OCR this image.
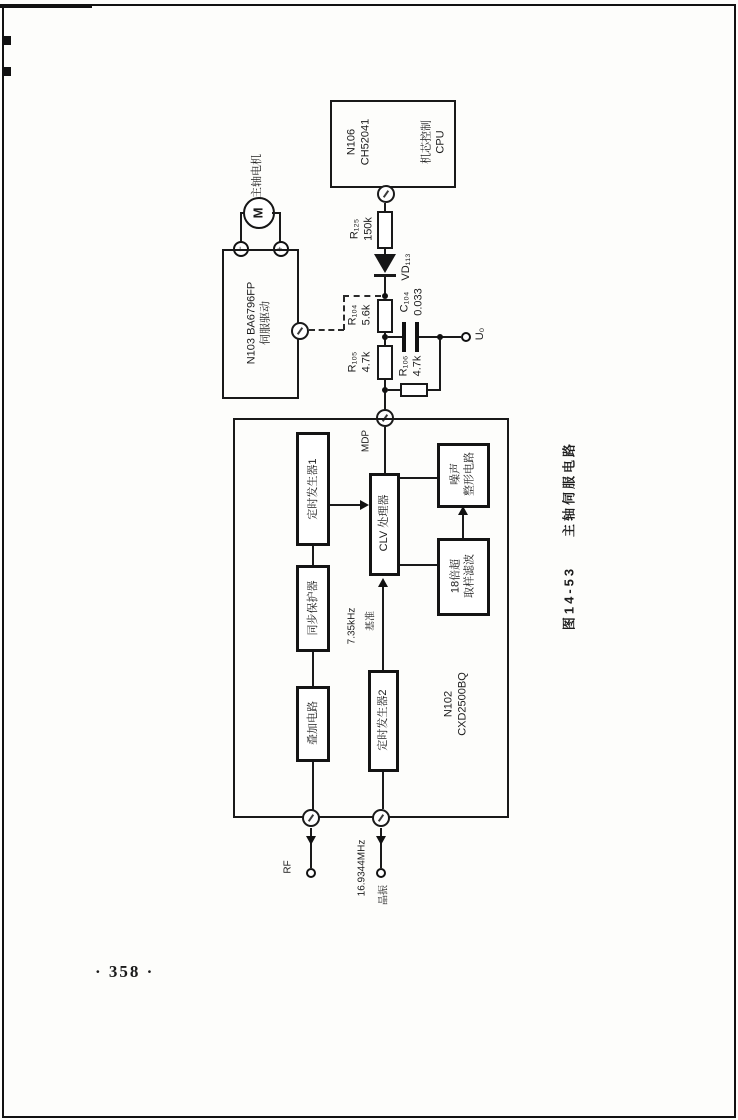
M
主轴电机
−	+
N103 BA6796FP 伺服驱动
N106 CH52041	机芯控制 CPU
R₁₂₅ 150k
VD₁₁₃
R₁₀₄ 5.6k
R₁₀₅ 4.7k
C₁₀₄ 0.033
U₀
R₁₀₆ 4.7k
MDP
N102 CXD2500BQ
定时发生器1
同步保护器
叠加电路
CLV 处理器
噪声 整形电路
18倍超 取样滤波
定时发生器2
7.35kHz 基准
RF	16.9344MHz 晶振
图14-53
主轴伺服电路
· 358 ·
